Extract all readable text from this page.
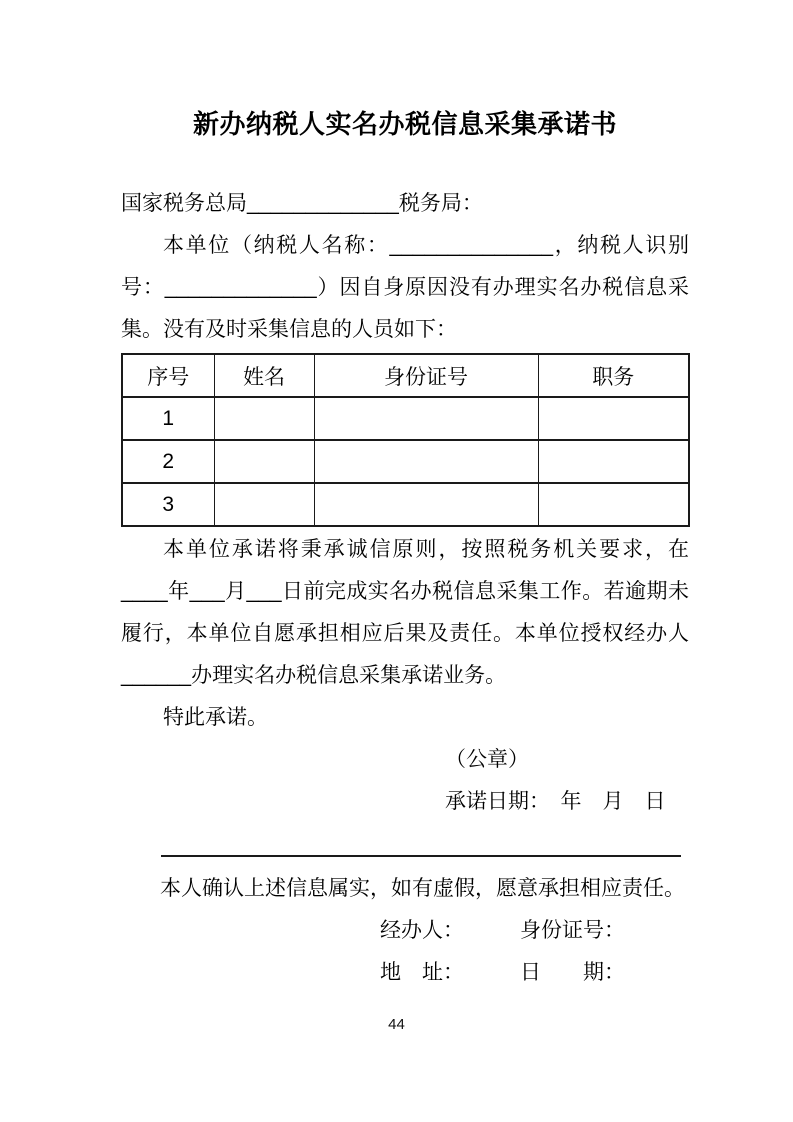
新办纳税人实名办税信息采集承诺书
国家税务总局_____________税务局：
本单位（纳税人名称：______________，纳税人识别
号：_____________）因自身原因没有办理实名办税信息采
集。没有及时采集信息的人员如下：
序号	姓名	身份证号	职务
1			
2			
3			
本单位承诺将秉承诚信原则，按照税务机关要求，在
____年___月___日前完成实名办税信息采集工作。若逾期未
履行，本单位自愿承担相应后果及责任。本单位授权经办人
______办理实名办税信息采集承诺业务。
特此承诺。
（公章）
承诺日期：　年　月　日
本人确认上述信息属实，如有虚假，愿意承担相应责任。
经办人：	身份证号：
地　址：	日　　期：
44
